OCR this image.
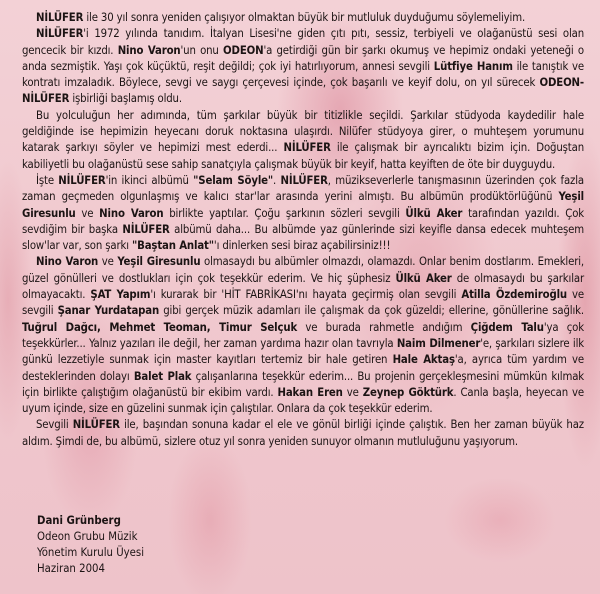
NİLÜFER ile 30 yıl sonra yeniden çalışıyor olmaktan büyük bir mutluluk duyduğumu söylemeliyim.

NİLÜFER'i 1972 yılında tanıdım. İtalyan Lisesi'ne giden çıtı pıtı, sessiz, terbiyeli ve olağanüstü sesi olan gencecik bir kızdı. Nino Varon'un onu ODEON'a getirdiği gün bir şarkı okumuş ve hepimiz ondaki yeteneği o anda sezmiştik. Yaşı çok küçüktü, reşit değildi; çok iyi hatırlıyorum, annesi sevgili Lütfiye Hanım ile tanıştık ve kontratı imzaladık. Böylece, sevgi ve saygı çerçevesi içinde, çok başarılı ve keyif dolu, on yıl sürecek ODEON-NİLÜFER işbirliği başlamış oldu.

Bu yolculuğun her adımında, tüm şarkılar büyük bir titizlikle seçildi. Şarkılar stüdyoda kaydedilir hale geldiğinde ise hepimizin heyecanı doruk noktasına ulaşırdı. Nilüfer stüdyoya girer, o muhteşem yorumunu katarak şarkıyı söyler ve hepimizi mest ederdi... NİLÜFER ile çalışmak bir ayrıcalıktı bizim için. Doğuştan kabiliyetli bu olağanüstü sese sahip sanatçıyla çalışmak büyük bir keyif, hatta keyiften de öte bir duyguydu.

İşte NİLÜFER'in ikinci albümü "Selam Söyle". NİLÜFER, müzikseverlerle tanışmasının üzerinden çok fazla zaman geçmeden olgunlaşmış ve kalıcı star'lar arasında yerini almıştı. Bu albümün prodüktörlüğünü Yeşil Giresunlu ve Nino Varon birlikte yaptılar. Çoğu şarkının sözleri sevgili Ülkü Aker tarafından yazıldı. Çok sevdiğim bir başka NİLÜFER albümü daha... Bu albümde yaz günlerinde sizi keyifle dansa edecek muhteşem slow'lar var, son şarkı "Baştan Anlat"'ı dinlerken sesi biraz açabilirsiniz!!!

Nino Varon ve Yeşil Giresunlu olmasaydı bu albümler olmazdı, olamazdı. Onlar benim dostlarım. Emekleri, güzel gönülleri ve dostlukları için çok teşekkür ederim. Ve hiç şüphesiz Ülkü Aker de olmasaydı bu şarkılar olmayacaktı. ŞAT Yapım'ı kurarak bir 'HİT FABRİKASI'nı hayata geçirmiş olan sevgili Atilla Özdemiroğlu ve sevgili Şanar Yurdatapan gibi gerçek müzik adamları ile çalışmak da çok güzeldi; ellerine, gönüllerine sağlık. Tuğrul Dağcı, Mehmet Teoman, Timur Selçuk ve burada rahmetle andığım Çiğdem Talu'ya çok teşekkürler... Yalnız yazıları ile değil, her zaman yardıma hazır olan tavrıyla Naim Dilmener'e, şarkıları sizlere ilk günkü lezzetiyle sunmak için master kayıtları tertemiz bir hale getiren Hale Aktaş'a, ayrıca tüm yardım ve desteklerinden dolayı Balet Plak çalışanlarına teşekkür ederim... Bu projenin gerçekleşmesini mümkün kılmak için birlikte çalıştığım olağanüstü bir ekibim vardı. Hakan Eren ve Zeynep Göktürk. Canla başla, heyecan ve uyum içinde, size en güzelini sunmak için çalıştılar. Onlara da çok teşekkür ederim.

Sevgili NİLÜFER ile, başından sonuna kadar el ele ve gönül birliği içinde çalıştık. Ben her zaman büyük haz aldım. Şimdi de, bu albümü, sizlere otuz yıl sonra yeniden sunuyor olmanın mutluluğunu yaşıyorum.

Dani Grünberg
Odeon Grubu Müzik
Yönetim Kurulu Üyesi
Haziran 2004
